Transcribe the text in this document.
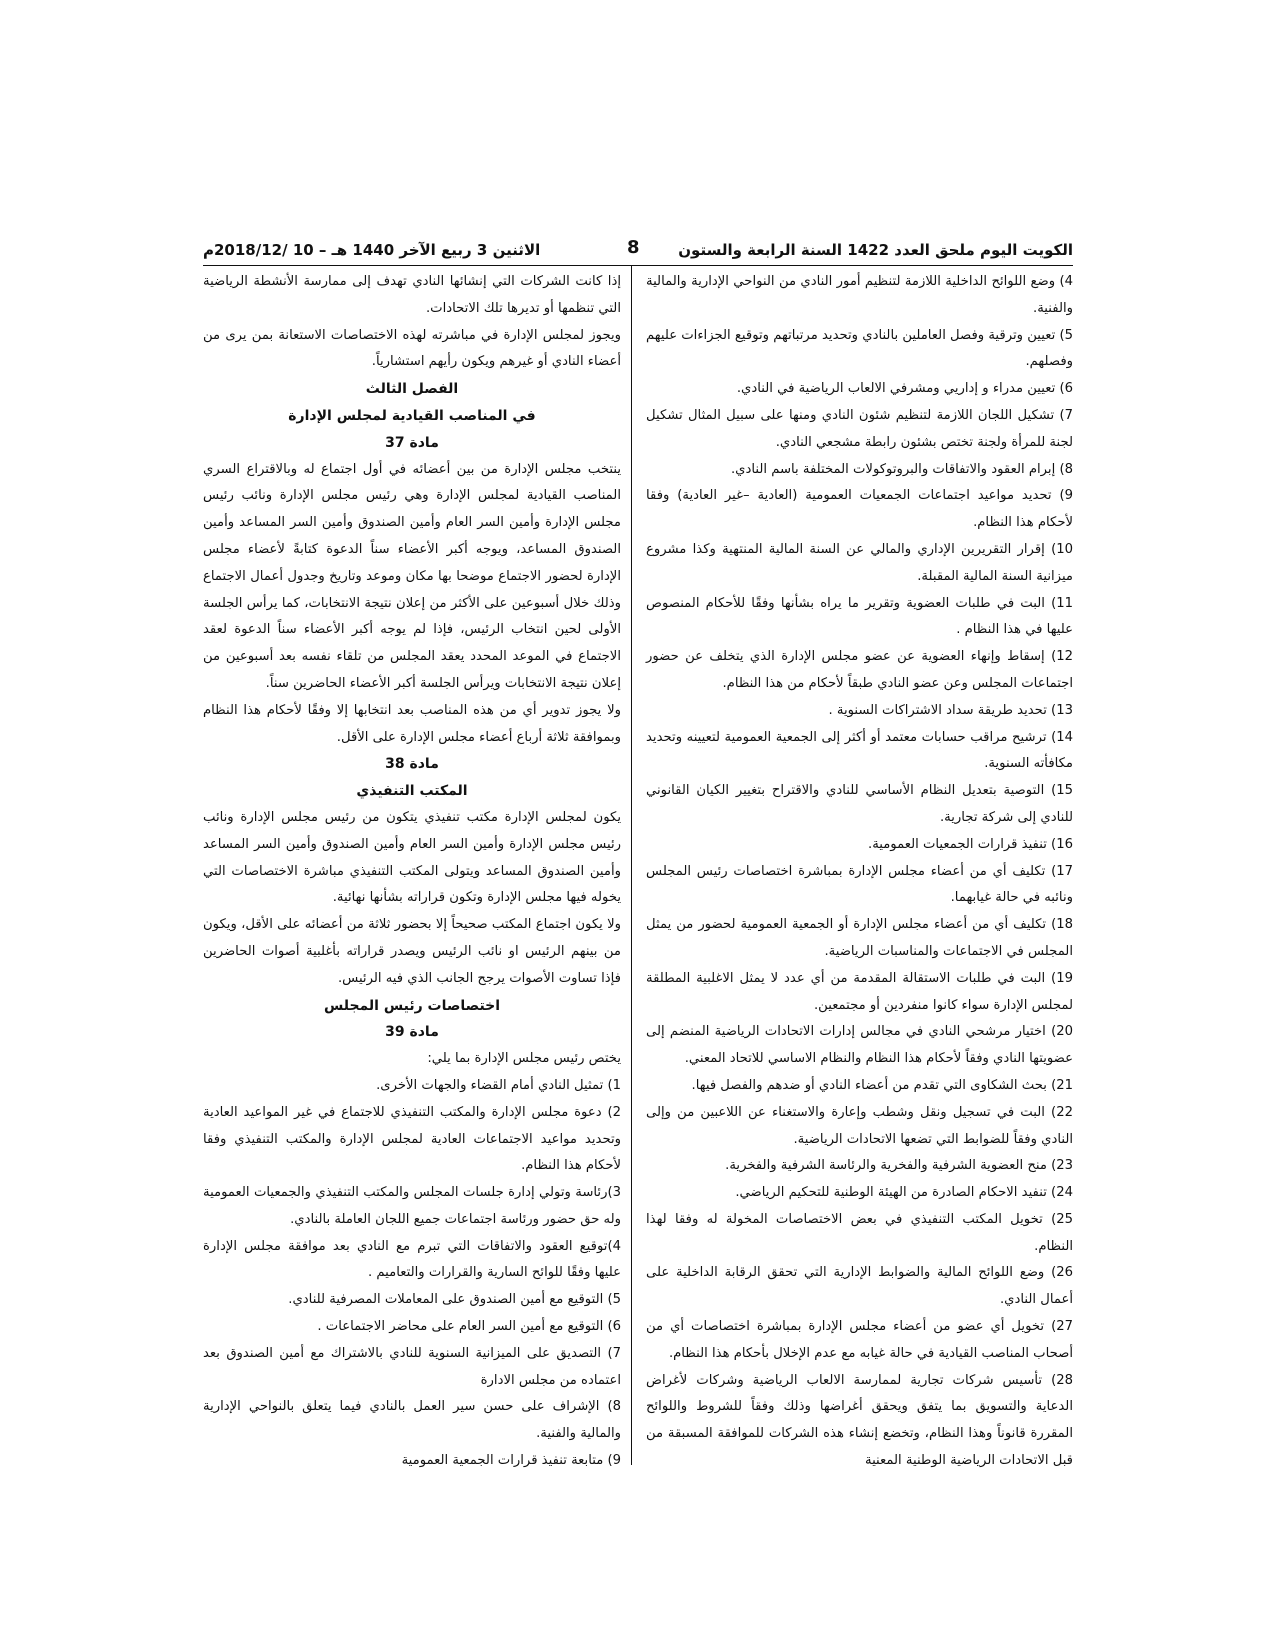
الكويت اليوم ملحق العدد 1422 السنة الرابعة والستون
8
الاثنين 3 ربيع الآخر 1440 هـ – 10 /2018/12م

4) وضع اللوائح الداخلية اللازمة لتنظيم أمور النادي من النواحي الإدارية والمالية والفنية.

5) تعيين وترقية وفصل العاملين بالنادي وتحديد مرتباتهم وتوقيع الجزاءات عليهم وفصلهم.

6) تعيين مدراء و إداريي ومشرفي الالعاب الرياضية في النادي.

7) تشكيل اللجان اللازمة لتنظيم شئون النادي ومنها على سبيل المثال تشكيل لجنة للمرأة ولجنة تختص بشئون رابطة مشجعي النادي.

8) إبرام العقود والاتفاقات والبروتوكولات المختلفة باسم النادي.

9) تحديد مواعيد اجتماعات الجمعيات العمومية (العادية –غير العادية) وفقا لأحكام هذا النظام.

10) إقرار التقريرين الإداري والمالي عن السنة المالية المنتهية وكذا مشروع ميزانية السنة المالية المقبلة.

11) البت في طلبات العضوية وتقرير ما يراه بشأنها وفقًا للأحكام المنصوص عليها في هذا النظام .

12) إسقاط وإنهاء العضوية عن عضو مجلس الإدارة الذي يتخلف عن حضور اجتماعات المجلس وعن عضو النادي طبقاً لأحكام من هذا النظام.

13) تحديد طريقة سداد الاشتراكات السنوية .

14) ترشيح مراقب حسابات معتمد أو أكثر إلى الجمعية العمومية لتعيينه وتحديد مكافأته السنوية.

15) التوصية بتعديل النظام الأساسي للنادي والاقتراح بتغيير الكيان القانوني للنادي إلى شركة تجارية.

16) تنفيذ قرارات الجمعيات العمومية.

17) تكليف أي من أعضاء مجلس الإدارة بمباشرة اختصاصات رئيس المجلس ونائبه في حالة غيابهما.

18) تكليف أي من أعضاء مجلس الإدارة أو الجمعية العمومية لحضور من يمثل المجلس في الاجتماعات والمناسبات الرياضية.

19) البت في طلبات الاستقالة المقدمة من أي عدد لا يمثل الاغلبية المطلقة لمجلس الإدارة سواء كانوا منفردين أو مجتمعين.

20) اختيار مرشحي النادي في مجالس إدارات الاتحادات الرياضية المنضم إلى عضويتها النادي وفقاً لأحكام هذا النظام والنظام الاساسي للاتحاد المعني.

21) بحث الشكاوى التي تقدم من أعضاء النادي أو ضدهم والفصل فيها.

22) البت في تسجيل ونقل وشطب وإعارة والاستغناء عن اللاعبين من وإلى النادي وفقاً للضوابط التي تضعها الاتحادات الرياضية.

23) منح العضوية الشرفية والفخرية والرئاسة الشرفية والفخرية.

24) تنفيد الاحكام الصادرة من الهيئة الوطنية للتحكيم الرياضي.

25) تخويل المكتب التنفيذي في بعض الاختصاصات المخولة له وفقا لهذا النظام.

26) وضع اللوائح المالية والضوابط الإدارية التي تحقق الرقابة الداخلية على أعمال النادي.

27) تخويل أي عضو من أعضاء مجلس الإدارة بمباشرة اختصاصات أي من أصحاب المناصب القيادية في حالة غيابه مع عدم الإخلال بأحكام هذا النظام.

28) تأسيس شركات تجارية لممارسة الالعاب الرياضية وشركات لأغراض الدعاية والتسويق بما يتفق ويحقق أغراضها وذلك وفقاً للشروط واللوائح المقررة قانوناً وهذا النظام، وتخضع إنشاء هذه الشركات للموافقة المسبقة من قبل الاتحادات الرياضية الوطنية المعنية

إذا كانت الشركات التي إنشائها النادي تهدف إلى ممارسة الأنشطة الرياضية التي تنظمها أو تديرها تلك الاتحادات.

ويجوز لمجلس الإدارة في مباشرته لهذه الاختصاصات الاستعانة بمن يرى من أعضاء النادي أو غيرهم ويكون رأيهم استشارياً.

الفصل الثالث

في المناصب القيادية لمجلس الإدارة

مادة 37

ينتخب مجلس الإدارة من بين أعضائه في أول اجتماع له وبالاقتراع السري المناصب القيادية لمجلس الإدارة وهي رئيس مجلس الإدارة ونائب رئيس مجلس الإدارة وأمين السر العام وأمين الصندوق وأمين السر المساعد وأمين الصندوق المساعد، ويوجه أكبر الأعضاء سناً الدعوة كتابةً لأعضاء مجلس الإدارة لحضور الاجتماع موضحا بها مكان وموعد وتاريخ وجدول أعمال الاجتماع وذلك خلال أسبوعين على الأكثر من إعلان نتيجة الانتخابات، كما يرأس الجلسة الأولى لحين انتخاب الرئيس، فإذا لم يوجه أكبر الأعضاء سناً الدعوة لعقد الاجتماع في الموعد المحدد يعقد المجلس من تلقاء نفسه بعد أسبوعين من إعلان نتيجة الانتخابات ويرأس الجلسة أكبر الأعضاء الحاضرين سناً.

ولا يجوز تدوير أي من هذه المناصب بعد انتخابها إلا وفقًا لأحكام هذا النظام وبموافقة ثلاثة أرباع أعضاء مجلس الإدارة على الأقل.

مادة 38

المكتب التنفيذي

يكون لمجلس الإدارة مكتب تنفيذي يتكون من رئيس مجلس الإدارة ونائب رئيس مجلس الإدارة وأمين السر العام وأمين الصندوق وأمين السر المساعد وأمين الصندوق المساعد ويتولى المكتب التنفيذي مباشرة الاختصاصات التي يخوله فيها مجلس الإدارة وتكون قراراته بشأنها نهائية.

ولا يكون اجتماع المكتب صحيحاً إلا بحضور ثلاثة من أعضائه على الأقل، ويكون من بينهم الرئيس او نائب الرئيس ويصدر قراراته بأغلبية أصوات الحاضرين فإذا تساوت الأصوات يرجح الجانب الذي فيه الرئيس.

اختصاصات رئيس المجلس

مادة 39

يختص رئيس مجلس الإدارة بما يلي:

1) تمثيل النادي أمام القضاء والجهات الأخرى.

2) دعوة مجلس الإدارة والمكتب التنفيذي للاجتماع في غير المواعيد العادية وتحديد مواعيد الاجتماعات العادية لمجلس الإدارة والمكتب التنفيذي وفقا لأحكام هذا النظام.

3)رئاسة وتولي إدارة جلسات المجلس والمكتب التنفيذي والجمعيات العمومية وله حق حضور ورئاسة اجتماعات جميع اللجان العاملة بالنادي.

4)توقيع العقود والاتفاقات التي تبرم مع النادي بعد موافقة مجلس الإدارة عليها وفقًا للوائح السارية والقرارات والتعاميم .

5) التوقيع مع أمين الصندوق على المعاملات المصرفية للنادي.

6) التوقيع مع أمين السر العام على محاضر الاجتماعات .

7) التصديق على الميزانية السنوية للنادي بالاشتراك مع أمين الصندوق بعد اعتماده من مجلس الادارة

8) الإشراف على حسن سير العمل بالنادي فيما يتعلق بالنواحي الإدارية والمالية والفنية.

9) متابعة تنفيذ قرارات الجمعية العمومية
